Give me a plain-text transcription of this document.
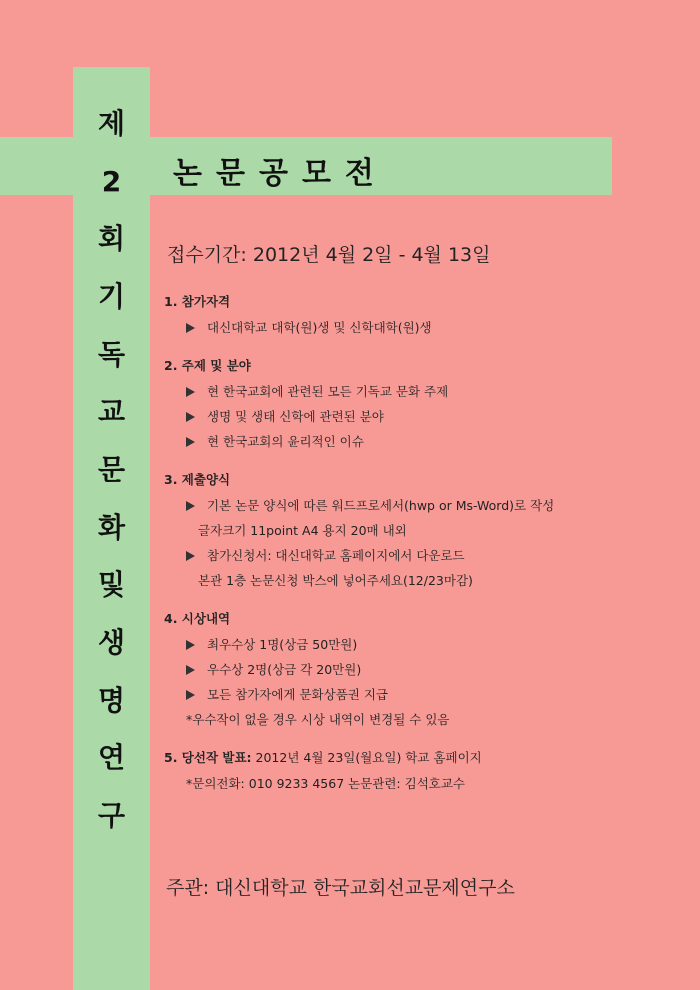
제
2
회
기
독
교
문
화
및
생
명
연
구
논문공모전
접수기간: 2012년 4월 2일 - 4월 13일
1. 참가자격
대신대학교 대학(원)생 및 신학대학(원)생
2. 주제 및 분야
현 한국교회에 관련된 모든 기독교 문화 주제
생명 및 생태 신학에 관련된 분야
현 한국교회의 윤리적인 이슈
3. 제출양식
기본 논문 양식에 따른 워드프로세서(hwp or Ms-Word)로 작성
글자크기 11point A4 용지 20매 내외
참가신청서: 대신대학교 홈페이지에서 다운로드
본관 1층 논문신청 박스에 넣어주세요(12/23마감)
4. 시상내역
최우수상 1명(상금 50만원)
우수상 2명(상금 각 20만원)
모든 참가자에게 문화상품권 지급
*우수작이 없을 경우 시상 내역이 변경될 수 있음
5. 당선작 발표: 2012년 4월 23일(월요일) 학교 홈페이지
*문의전화: 010 9233 4567 논문관련: 김석호교수
주관: 대신대학교 한국교회선교문제연구소
